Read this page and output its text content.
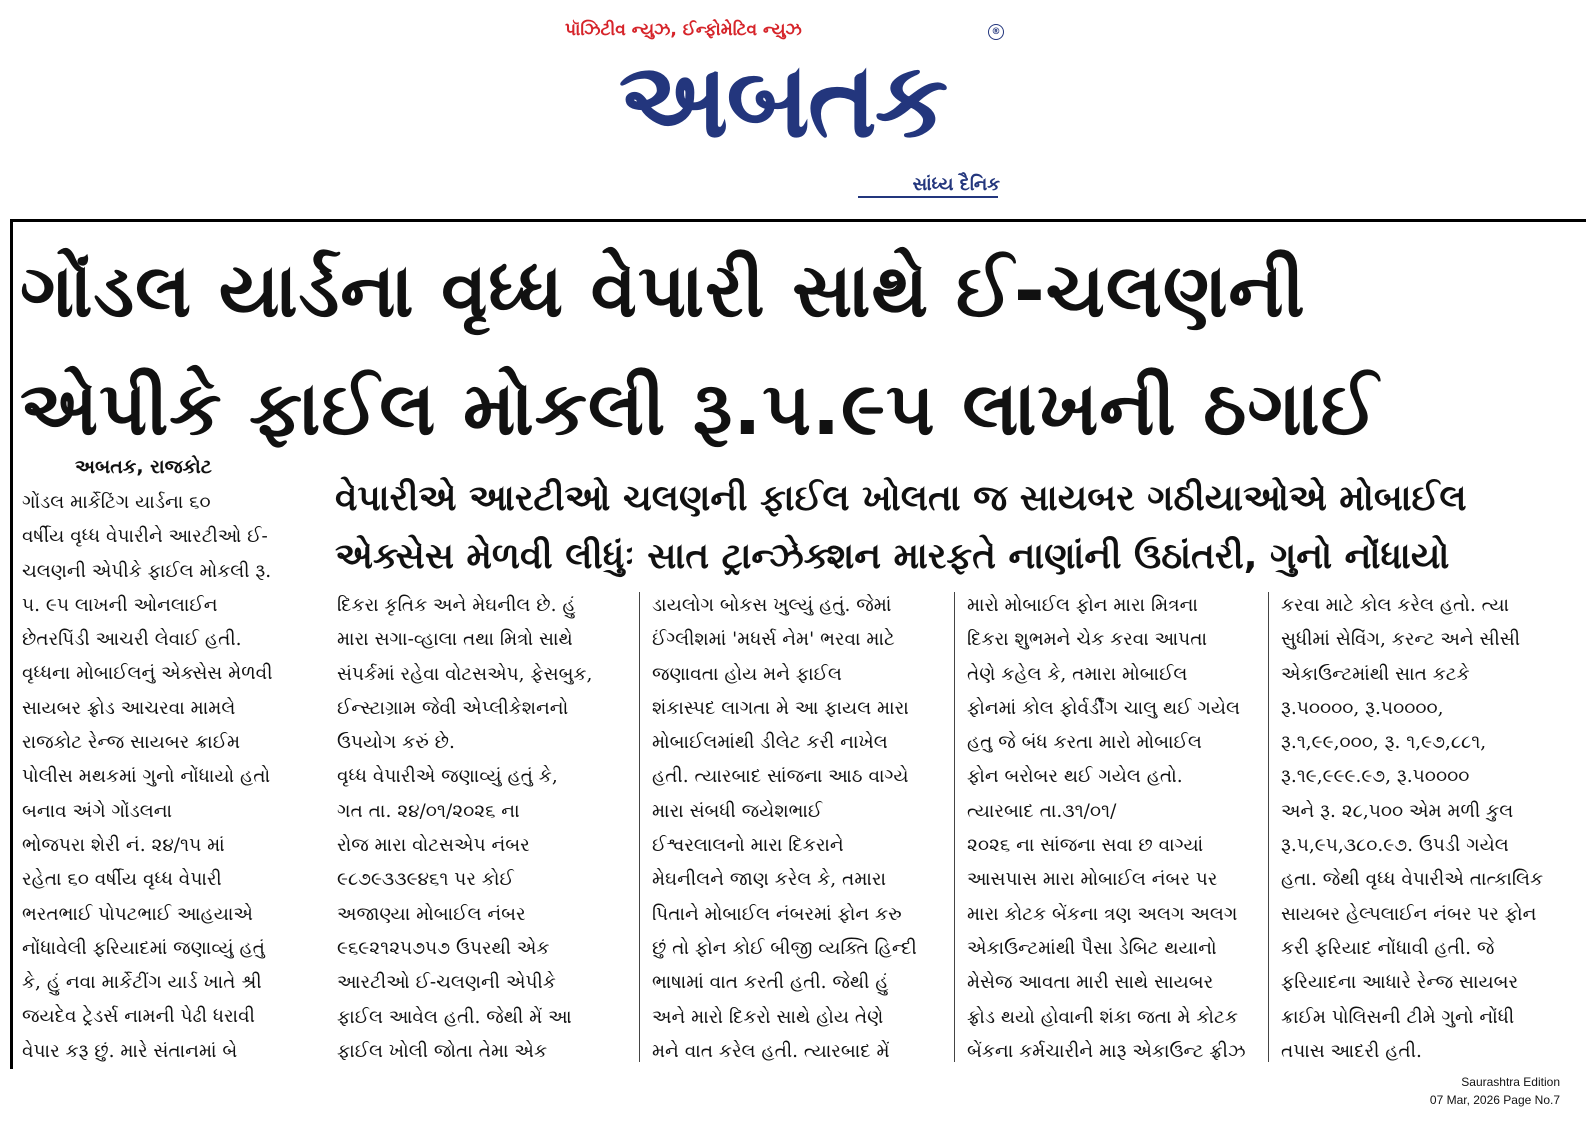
પૉઝિટીવ ન્યુઝ, ઈન્ફોમેટિવ ન્યુઝ	®
અબતક
સાંધ્ય દૈનિક
ગોંડલ યાર્ડના વૃધ્ધ વેપારી સાથે ઈ-ચલણની
એપીકે ફાઈલ મોકલી રૂ.૫.૯૫ લાખની ઠગાઈ
અબતક, રાજકોટ
વેપારીએ આરટીઓ ચલણની ફાઈલ ખોલતા જ સાયબર ગઠીયાઓએ મોબાઈલ
એક્સેસ મેળવી લીધુંઃ સાત ટ્રાન્ઝેક્શન મારફતે નાણાંની ઉઠાંતરી, ગુનો નોંધાયો
ગોંડલ માર્કેટિંગ યાર્ડના ૬૦
વર્ષીય વૃધ્ધ વેપારીને આરટીઓ ઈ-
ચલણની એપીકે ફાઈલ મોકલી રૂ.
૫. ૯૫ લાખની ઓનલાઈન
છેતરપિંડી આચરી લેવાઈ હતી.
વૃધ્ધના મોબાઈલનું એક્સેસ મેળવી
સાયબર ફ્રોડ આચરવા મામલે
રાજકોટ રેન્જ સાયબર ક્રાઈમ
પોલીસ મથકમાં ગુનો નોંધાયો હતો
બનાવ અંગે ગોંડલના
ભોજપરા શેરી નં. ૨૪/૧૫ માં
રહેતા ૬૦ વર્ષીય વૃધ્ધ વેપારી
ભરતભાઈ પોપટભાઈ આહયાએ
નોંધાવેલી ફરિયાદમાં જણાવ્યું હતું
કે, હું નવા માર્કેટીંગ યાર્ડ ખાતે શ્રી
જયદેવ ટ્રેડર્સ નામની પેઢી ધરાવી
વેપાર કરૂ છું. મારે સંતાનમાં બે
દિકરા કૃતિક અને મેઘનીલ છે. હું
મારા સગા-વ્હાલા તથા મિત્રો સાથે
સંપર્કમાં રહેવા વોટસએપ, ફેસબુક,
ઈન્સ્ટાગ્રામ જેવી એપ્લીકેશનનો
ઉપયોગ કરું છે.
વૃધ્ધ વેપારીએ જણાવ્યું હતું કે,
ગત તા. ૨૪/૦૧/૨૦૨૬ ના
રોજ મારા વોટસએપ નંબર
૯૮૭૯૩૩૯૪૬૧ પર કોઈ
અજાણ્યા મોબાઈલ નંબર
૯૬૯૨૧૨૫૭૫૭ ઉપરથી એક
આરટીઓ ઈ-ચલણની એપીકે
ફાઈલ આવેલ હતી. જેથી મેં આ
ફાઈલ ખોલી જોતા તેમા એક
ડાયલોગ બોકસ ખુલ્યું હતું. જેમાં
ઈંગ્લીશમાં 'મધર્સ નેમ' ભરવા માટે
જણાવતા હોય મને ફાઈલ
શંકાસ્પદ લાગતા મે આ ફાયલ મારા
મોબાઈલમાંથી ડીલેટ કરી નાખેલ
હતી. ત્યારબાદ સાંજના આઠ વાગ્યે
મારા સંબધી જયેશભાઈ
ઈશ્વરલાલનો મારા દિકરાને
મેઘનીલને જાણ કરેલ કે, તમારા
પિતાને મોબાઈલ નંબરમાં ફોન કરુ
છું તો ફોન કોઈ બીજી વ્યક્તિ હિન્દી
ભાષામાં વાત કરતી હતી. જેથી હું
અને મારો દિકરો સાથે હોય તેણે
મને વાત કરેલ હતી. ત્યારબાદ મેં
મારો મોબાઈલ ફોન મારા મિત્રના
દિકરા શુભમને ચેક કરવા આપતા
તેણે કહેલ કે, તમારા મોબાઈલ
ફોનમાં કોલ ફોર્વર્ડીંગ ચાલુ થઈ ગયેલ
હતુ જે બંધ કરતા મારો મોબાઈલ
ફોન બરોબર થઈ ગયેલ હતો.
ત્યારબાદ તા.૩૧/૦૧/
૨૦૨૬ ના સાંજના સવા છ વાગ્યાં
આસપાસ મારા મોબાઈલ નંબર પર
મારા કોટક બેંકના ત્રણ અલગ અલગ
એકાઉન્ટમાંથી પૈસા ડેબિટ થયાનો
મેસેજ આવતા મારી સાથે સાયબર
ફ્રોડ થયો હોવાની શંકા જતા મે કોટક
બેંકના કર્મચારીને મારૂ એકાઉન્ટ ફ્રીઝ
કરવા માટે કોલ કરેલ હતો. ત્યા
સુધીમાં સેવિંગ, કરન્ટ અને સીસી
એકાઉન્ટમાંથી સાત કટકે
રૂ.૫૦૦૦૦, રૂ.૫૦૦૦૦,
રૂ.૧,૯૯,૦૦૦, રૂ. ૧,૯૭,૮૮૧,
રૂ.૧૯,૯૯૯.૯૭, રૂ.૫૦૦૦૦
અને રૂ. ૨૮,૫૦૦ એમ મળી કુલ
રૂ.૫,૯૫,૩૮૦.૯૭. ઉપડી ગયેલ
હતા. જેથી વૃધ્ધ વેપારીએ તાત્કાલિક
સાયબર હેલ્પલાઈન નંબર પર ફોન
કરી ફરિયાદ નોંધાવી હતી. જે
ફરિયાદના આધારે રેન્જ સાયબર
ક્રાઈમ પોલિસની ટીમે ગુનો નોંધી
તપાસ આદરી હતી.
Saurashtra Edition
07 Mar, 2026 Page No.7
